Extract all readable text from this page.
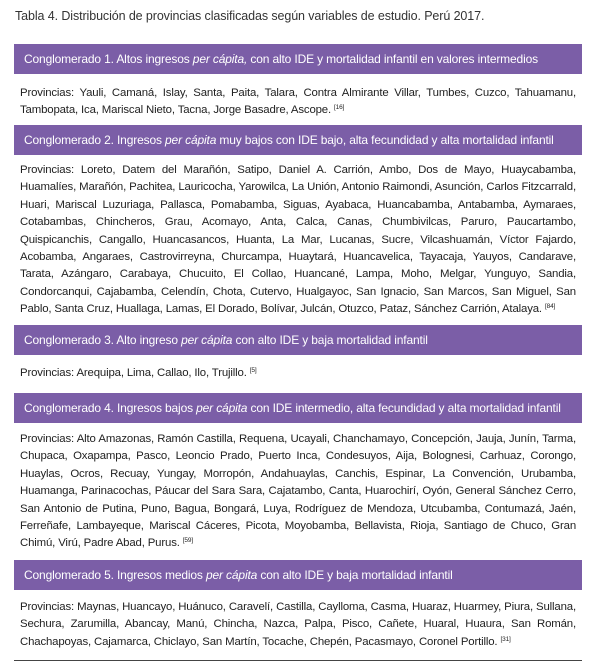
Tabla 4. Distribución de provincias clasificadas según variables de estudio. Perú 2017.
Conglomerado 1. Altos ingresos per cápita, con alto IDE y mortalidad infantil en valores intermedios
Provincias: Yauli, Camaná, Islay, Santa, Paita, Talara, Contra Almirante Villar, Tumbes, Cuzco, Tahuamanu, Tambopata, Ica, Mariscal Nieto, Tacna, Jorge Basadre, Ascope. [16]
Conglomerado 2. Ingresos per cápita muy bajos con IDE bajo, alta fecundidad y alta mortalidad infantil
Provincias: Loreto, Datem del Marañón, Satipo, Daniel A. Carrión, Ambo, Dos de Mayo, Huaycabamba, Huamalíes, Marañón, Pachitea, Lauricocha, Yarowilca, La Unión, Antonio Raimondi, Asunción, Carlos Fitzcarrald, Huari, Mariscal Luzuriaga, Pallasca, Pomabamba, Siguas, Ayabaca, Huancabamba, Antabamba, Aymaraes, Cotabambas, Chincheros, Grau, Acomayo, Anta, Calca, Canas, Chumbivilcas, Paruro, Paucartambo, Quispicanchis, Cangallo, Huancasancos, Huanta, La Mar, Lucanas, Sucre, Vilcashuamán, Víctor Fajardo, Acobamba, Angaraes, Castrovirreyna, Churcampa, Huaytará, Huancavelica, Tayacaja, Yauyos, Candarave, Tarata, Azángaro, Carabaya, Chucuito, El Collao, Huancané, Lampa, Moho, Melgar, Yunguyo, Sandia, Condorcanqui, Cajabamba, Celendín, Chota, Cutervo, Hualgayoc, San Ignacio, San Marcos, San Miguel, San Pablo, Santa Cruz, Huallaga, Lamas, El Dorado, Bolívar, Julcán, Otuzco, Pataz, Sánchez Carrión, Atalaya. [84]
Conglomerado 3. Alto ingreso per cápita con alto IDE y baja mortalidad infantil
Provincias: Arequipa, Lima, Callao, Ilo, Trujillo. [5]
Conglomerado 4. Ingresos bajos per cápita con IDE intermedio, alta fecundidad y alta mortalidad infantil
Provincias: Alto Amazonas, Ramón Castilla, Requena, Ucayali, Chanchamayo, Concepción, Jauja, Junín, Tarma, Chupaca, Oxapampa, Pasco, Leoncio Prado, Puerto Inca, Condesuyos, Aija, Bolognesi, Carhuaz, Corongo, Huaylas, Ocros, Recuay, Yungay, Morropón, Andahuaylas, Canchis, Espinar, La Convención, Urubamba, Huamanga, Parinacochas, Páucar del Sara Sara, Cajatambo, Canta, Huarochirí, Oyón, General Sánchez Cerro, San Antonio de Putina, Puno, Bagua, Bongará, Luya, Rodríguez de Mendoza, Utcubamba, Contumazá, Jaén, Ferreñafe, Lambayeque, Mariscal Cáceres, Picota, Moyobamba, Bellavista, Rioja, Santiago de Chuco, Gran Chimú, Virú, Padre Abad, Purus. [59]
Conglomerado 5. Ingresos medios per cápita con alto IDE y baja mortalidad infantil
Provincias: Maynas, Huancayo, Huánuco, Caravelí, Castilla, Caylloma, Casma, Huaraz, Huarmey, Piura, Sullana, Sechura, Zarumilla, Abancay, Manú, Chincha, Nazca, Palpa, Pisco, Cañete, Huaral, Huaura, San Román, Chachapoyas, Cajamarca, Chiclayo, San Martín, Tocache, Chepén, Pacasmayo, Coronel Portillo. [31]
